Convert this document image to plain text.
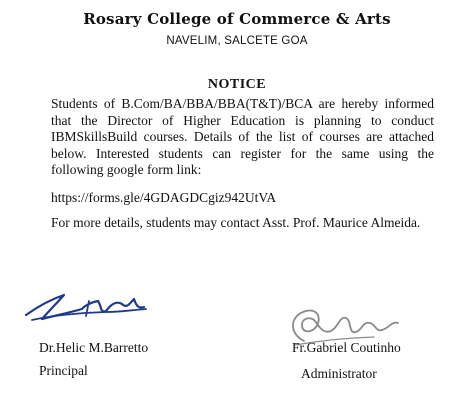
Rosary College of Commerce & Arts
NAVELIM, SALCETE GOA
NOTICE
Students of B.Com/BA/BBA/BBA(T&T)/BCA are hereby informed that the Director of Higher Education is planning to conduct IBMSkillsBuild courses. Details of the list of courses are attached below. Interested students can register for the same using the following google form link:
https://forms.gle/4GDAGDCgiz942UtVA
For more details, students may contact Asst. Prof. Maurice Almeida.
Dr.Helic M.Barretto
Principal
Fr.Gabriel Coutinho
Administrator
